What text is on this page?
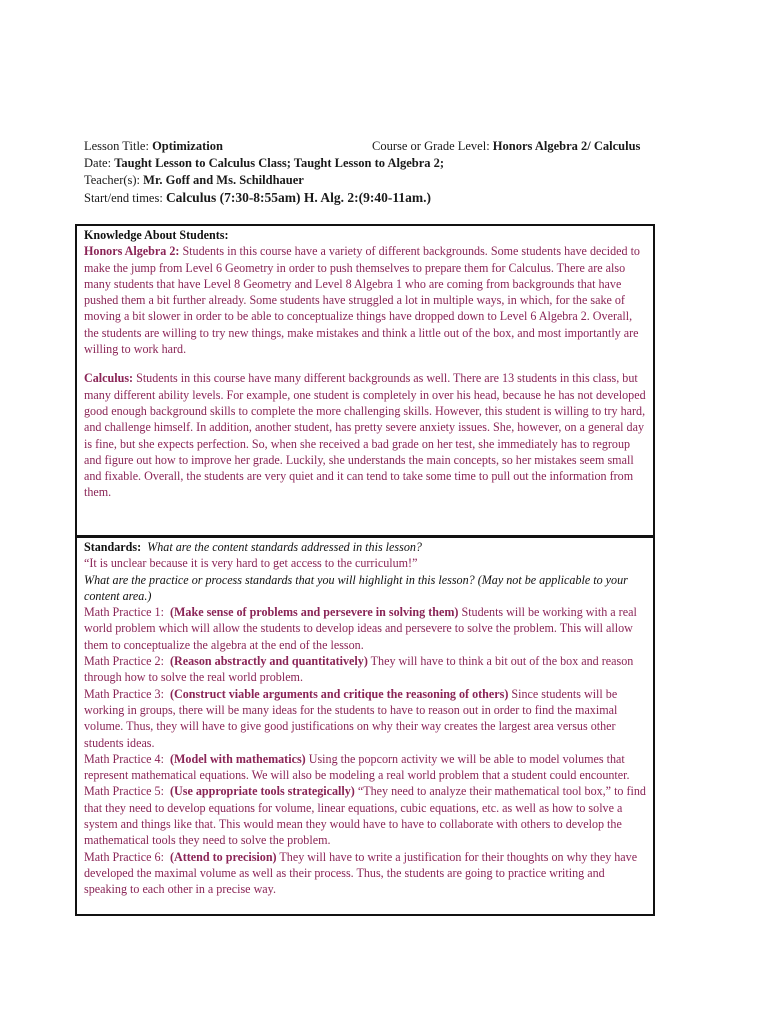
Lesson Title: Optimization	Course or Grade Level: Honors Algebra 2/ Calculus
Date: Taught Lesson to Calculus Class; Taught Lesson to Algebra 2;
Teacher(s): Mr. Goff and Ms. Schildhauer
Start/end times: Calculus (7:30-8:55am) H. Alg. 2:(9:40-11am.)
Knowledge About Students:

Honors Algebra 2: Students in this course have a variety of different backgrounds. Some students have decided to make the jump from Level 6 Geometry in order to push themselves to prepare them for Calculus. There are also many students that have Level 8 Geometry and Level 8 Algebra 1 who are coming from backgrounds that have pushed them a bit further already. Some students have struggled a lot in multiple ways, in which, for the sake of moving a bit slower in order to be able to conceptualize things have dropped down to Level 6 Algebra 2. Overall, the students are willing to try new things, make mistakes and think a little out of the box, and most importantly are willing to work hard.

Calculus: Students in this course have many different backgrounds as well. There are 13 students in this class, but many different ability levels. For example, one student is completely in over his head, because he has not developed good enough background skills to complete the more challenging skills. However, this student is willing to try hard, and challenge himself. In addition, another student, has pretty severe anxiety issues. She, however, on a general day is fine, but she expects perfection. So, when she received a bad grade on her test, she immediately has to regroup and figure out how to improve her grade. Luckily, she understands the main concepts, so her mistakes seem small and fixable. Overall, the students are very quiet and it can tend to take some time to pull out the information from them.

Standards: What are the content standards addressed in this lesson?
“It is unclear because it is very hard to get access to the curriculum!”
What are the practice or process standards that you will highlight in this lesson? (May not be applicable to your content area.)

Math Practice 1: (Make sense of problems and persevere in solving them) Students will be working with a real world problem which will allow the students to develop ideas and persevere to solve the problem. This will allow them to conceptualize the algebra at the end of the lesson.

Math Practice 2: (Reason abstractly and quantitatively) They will have to think a bit out of the box and reason through how to solve the real world problem.

Math Practice 3: (Construct viable arguments and critique the reasoning of others) Since students will be working in groups, there will be many ideas for the students to have to reason out in order to find the maximal volume. Thus, they will have to give good justifications on why their way creates the largest area versus other students ideas.

Math Practice 4: (Model with mathematics) Using the popcorn activity we will be able to model volumes that represent mathematical equations. We will also be modeling a real world problem that a student could encounter.

Math Practice 5: (Use appropriate tools strategically) “They need to analyze their mathematical tool box,” to find that they need to develop equations for volume, linear equations, cubic equations, etc. as well as how to solve a system and things like that. This would mean they would have to have to collaborate with others to develop the mathematical tools they need to solve the problem.

Math Practice 6: (Attend to precision) They will have to write a justification for their thoughts on why they have developed the maximal volume as well as their process. Thus, the students are going to practice writing and speaking to each other in a precise way.
